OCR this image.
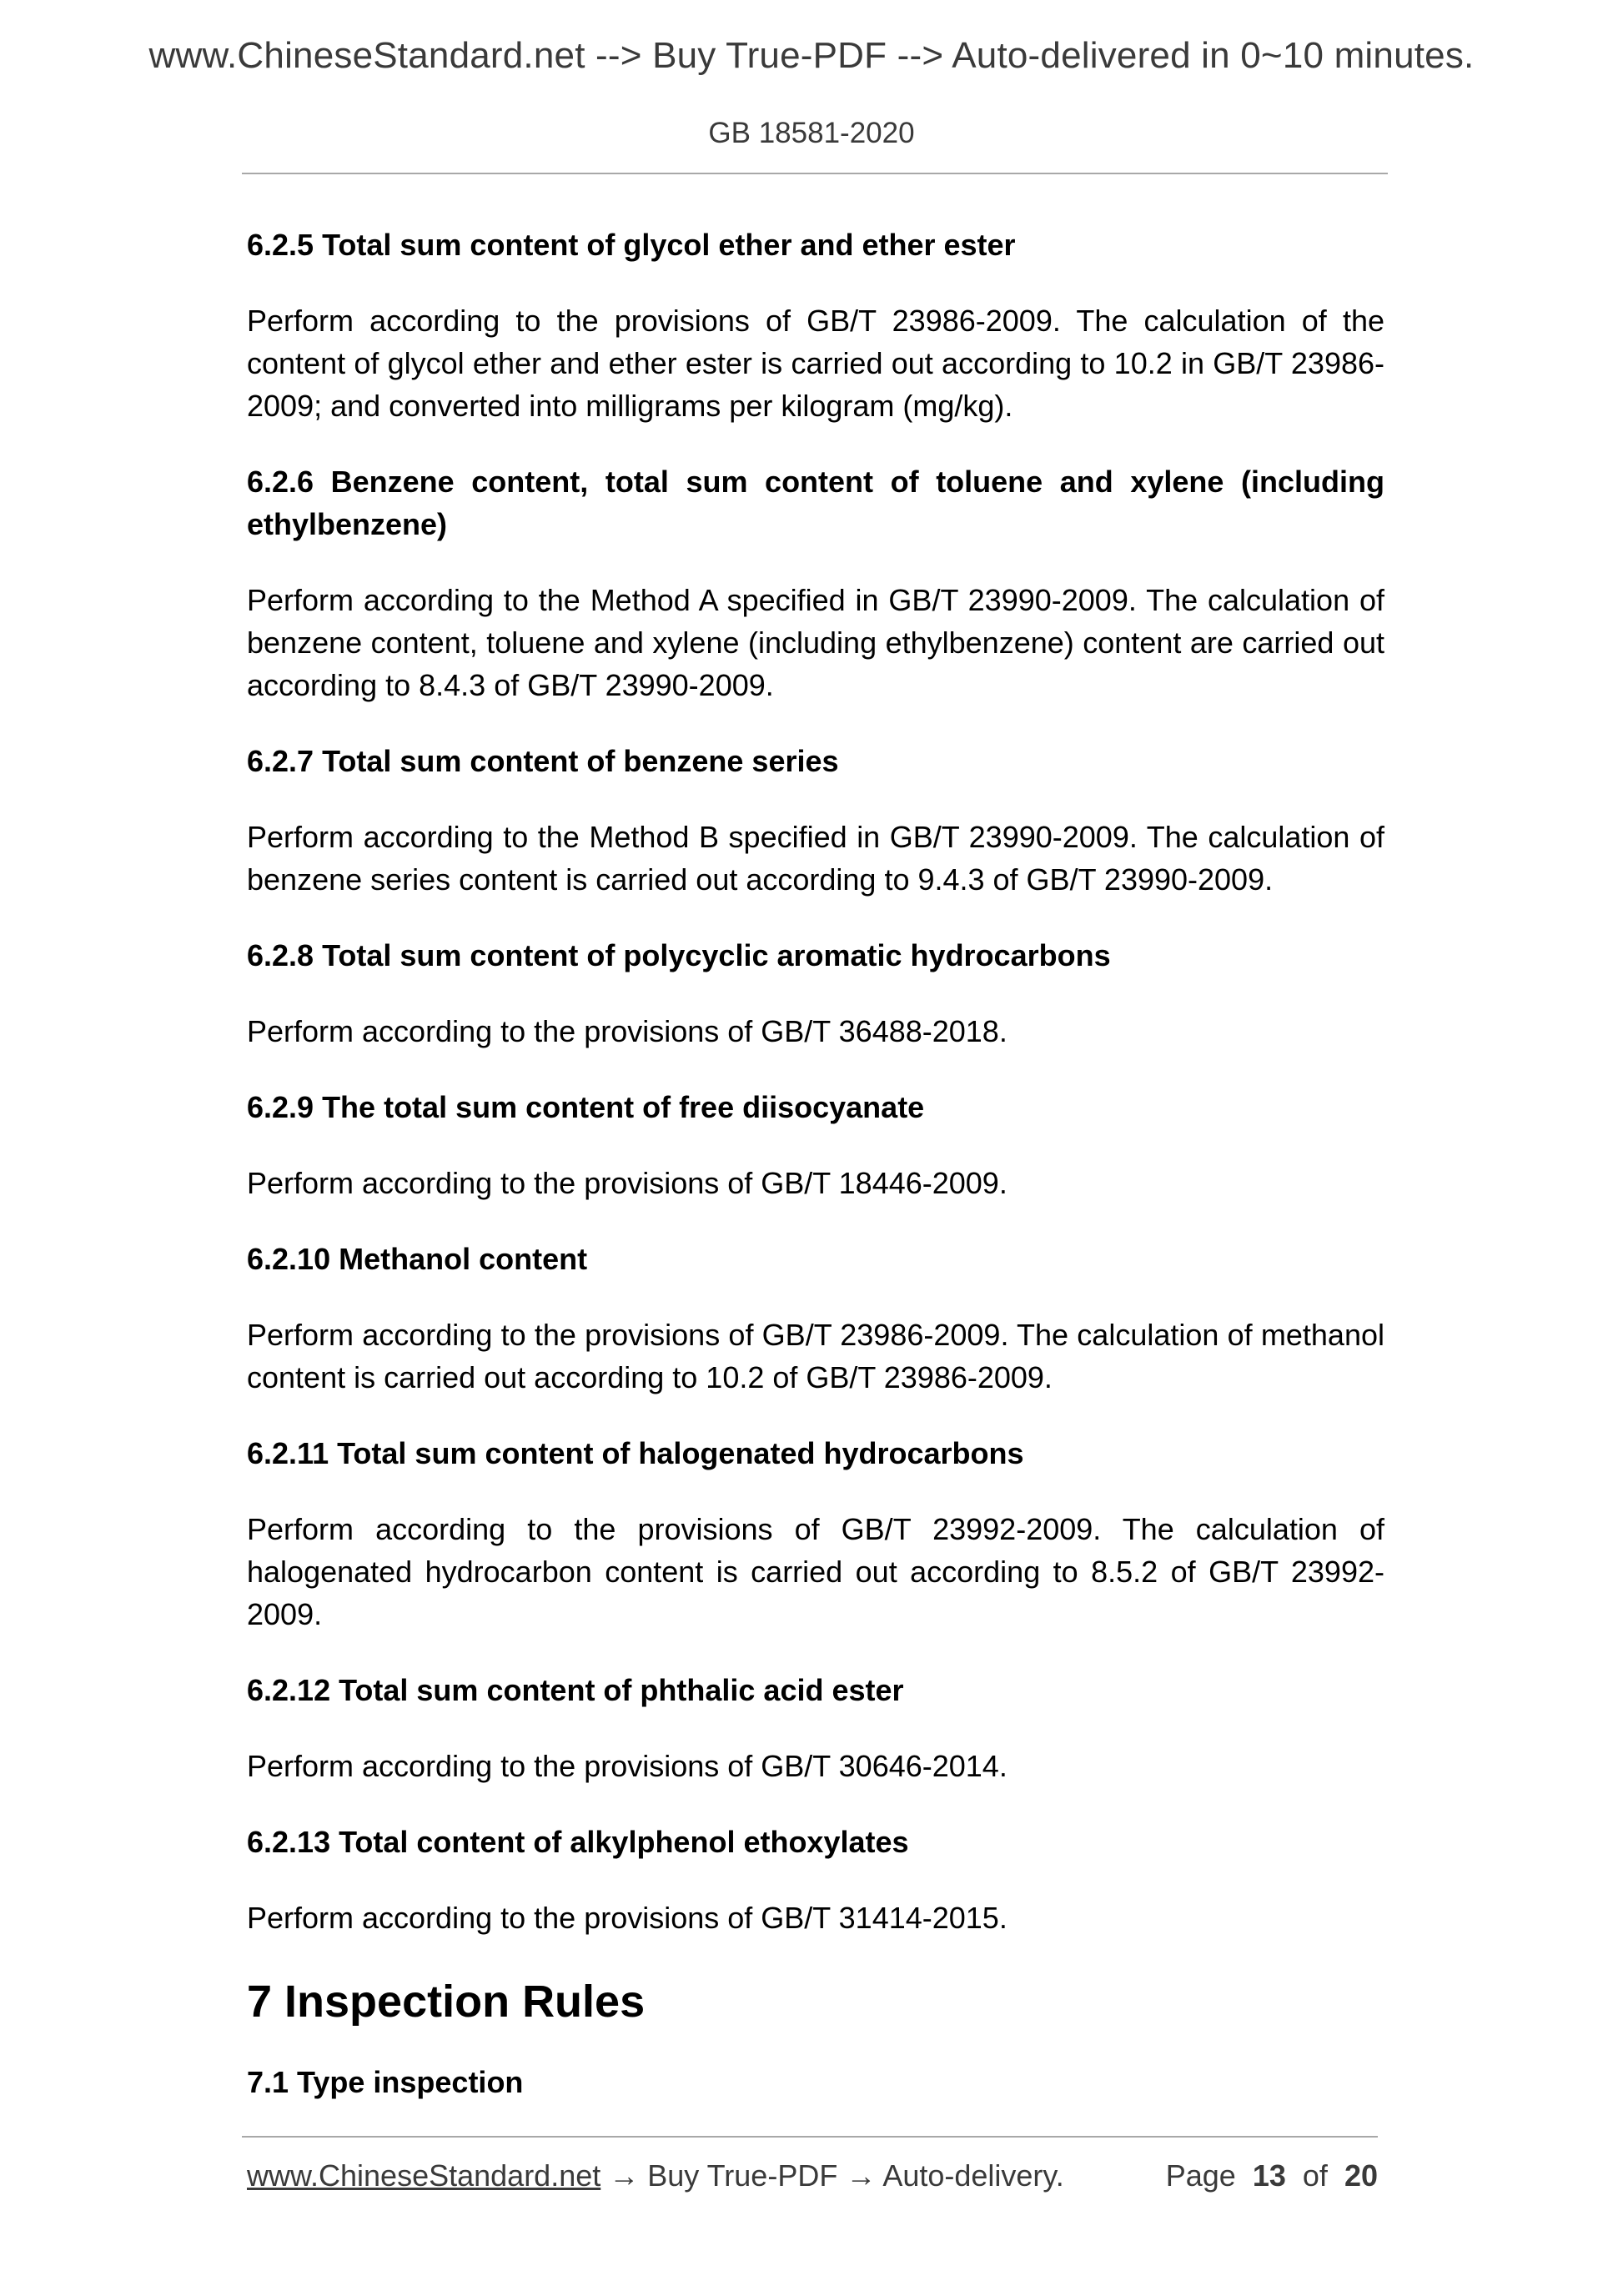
www.ChineseStandard.net --> Buy True-PDF --> Auto-delivered in 0~10 minutes.
GB 18581-2020
6.2.5 Total sum content of glycol ether and ether ester
Perform according to the provisions of GB/T 23986-2009. The calculation of the content of glycol ether and ether ester is carried out according to 10.2 in GB/T 23986-2009; and converted into milligrams per kilogram (mg/kg).
6.2.6 Benzene content, total sum content of toluene and xylene (including ethylbenzene)
Perform according to the Method A specified in GB/T 23990-2009. The calculation of benzene content, toluene and xylene (including ethylbenzene) content are carried out according to 8.4.3 of GB/T 23990-2009.
6.2.7 Total sum content of benzene series
Perform according to the Method B specified in GB/T 23990-2009. The calculation of benzene series content is carried out according to 9.4.3 of GB/T 23990-2009.
6.2.8 Total sum content of polycyclic aromatic hydrocarbons
Perform according to the provisions of GB/T 36488-2018.
6.2.9 The total sum content of free diisocyanate
Perform according to the provisions of GB/T 18446-2009.
6.2.10 Methanol content
Perform according to the provisions of GB/T 23986-2009. The calculation of methanol content is carried out according to 10.2 of GB/T 23986-2009.
6.2.11 Total sum content of halogenated hydrocarbons
Perform according to the provisions of GB/T 23992-2009. The calculation of halogenated hydrocarbon content is carried out according to 8.5.2 of GB/T 23992-2009.
6.2.12 Total sum content of phthalic acid ester
Perform according to the provisions of GB/T 30646-2014.
6.2.13 Total content of alkylphenol ethoxylates
Perform according to the provisions of GB/T 31414-2015.
7 Inspection Rules
7.1 Type inspection
www.ChineseStandard.net → Buy True-PDF → Auto-delivery.	Page 13 of 20
